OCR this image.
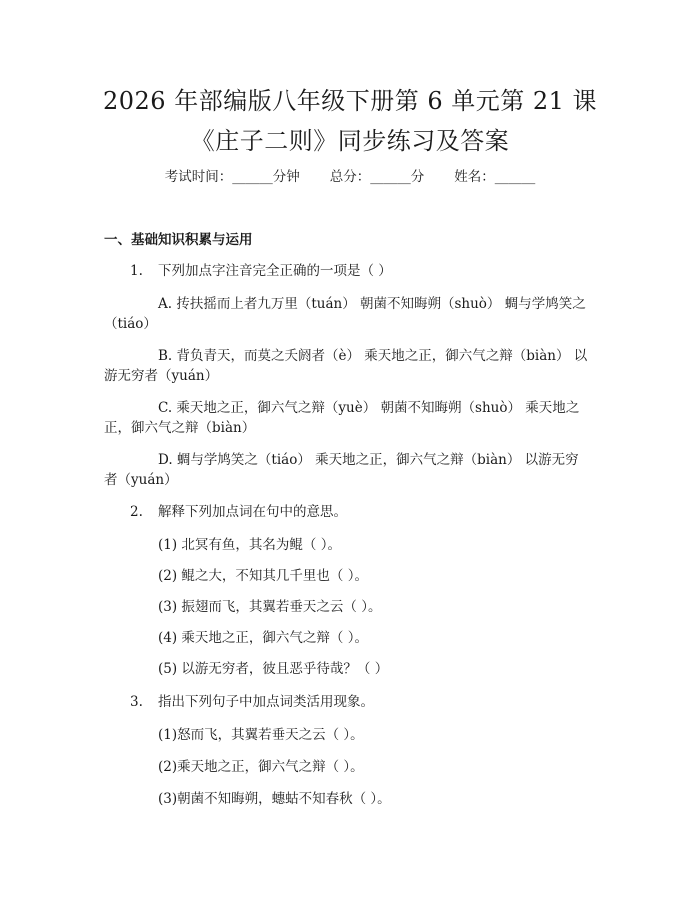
2026 年部编版八年级下册第 6 单元第 21 课
《庄子二则》同步练习及答案
考试时间：______分钟 总分：______分 姓名：______
一、基础知识积累与运用
1. 下列加点字注音完全正确的一项是（ ）
A. 抟扶摇而上者九万里（tuán） 朝菌不知晦朔（shuò） 蜩与学鸠笑之
（tiáo）
B. 背负青天，而莫之夭阏者（è） 乘天地之正，御六气之辩（biàn） 以
游无穷者（yuán）
C. 乘天地之正，御六气之辩（yuè） 朝菌不知晦朔（shuò） 乘天地之
正，御六气之辩（biàn）
D. 蜩与学鸠笑之（tiáo） 乘天地之正，御六气之辩（biàn） 以游无穷
者（yuán）
2. 解释下列加点词在句中的意思。
(1) 北冥有鱼，其名为鲲（ ）。
(2) 鲲之大，不知其几千里也（ ）。
(3) 振翅而飞，其翼若垂天之云（ ）。
(4) 乘天地之正，御六气之辩（ ）。
(5) 以游无穷者，彼且恶乎待哉？（ ）
3. 指出下列句子中加点词类活用现象。
(1)怒而飞，其翼若垂天之云（ ）。
(2)乘天地之正，御六气之辩（ ）。
(3)朝菌不知晦朔，蟪蛄不知春秋（ ）。
